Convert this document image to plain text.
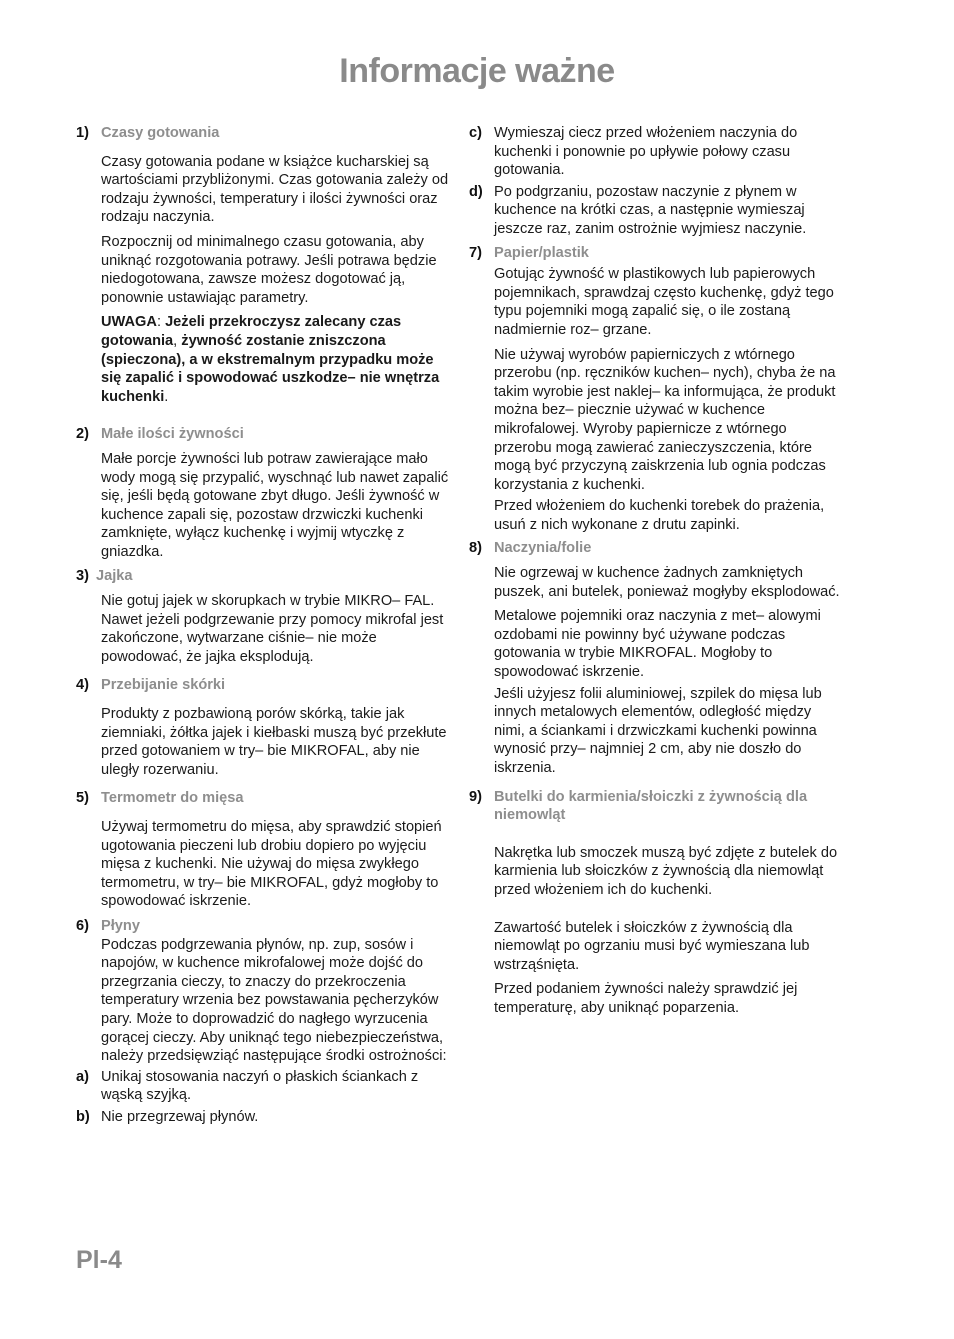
Informacje ważne
1) Czasy gotowania
Czasy gotowania podane w książce kucharskiej są wartościami przybliżonymi. Czas gotowania zależy od rodzaju żywności, temperatury i ilości żywności oraz rodzaju naczynia.
Rozpocznij od minimalnego czasu gotowania, aby uniknąć rozgotowania potrawy. Jeśli potrawa będzie niedogotowana, zawsze możesz dogotować ją, ponownie ustawiając parametry.
UWAGA: Jeżeli przekroczysz zalecany czas gotowania, żywność zostanie zniszczona (spieczona), a w ekstremalnym przypadku może się zapalić i spowodować uszkodze– nie wnętrza kuchenki.
2) Małe ilości żywności
Małe porcje żywności lub potraw zawierające mało wody mogą się przypalić, wyschnąć lub nawet zapalić się, jeśli będą gotowane zbyt długo. Jeśli żywność w kuchence zapali się, pozostaw drzwiczki kuchenki zamknięte, wyłącz kuchenkę i wyjmij wtyczkę z gniazdka.
3) Jajka
Nie gotuj jajek w skorupkach w trybie MIKRO– FAL. Nawet jeżeli podgrzewanie przy pomocy mikrofal jest zakończone, wytwarzane ciśnie– nie może powodować, że jajka eksplodują.
4) Przebijanie skórki
Produkty z pozbawioną porów skórką, takie jak ziemniaki, żółtka jajek i kiełbaski muszą być przekłute przed gotowaniem w try– bie MIKROFAL, aby nie uległy rozerwaniu.
5) Termometr do mięsa
Używaj termometru do mięsa, aby sprawdzić stopień ugotowania pieczeni lub drobiu dopiero po wyjęciu mięsa z kuchenki. Nie używaj do mięsa zwykłego termometru, w try– bie MIKROFAL, gdyż mogłoby to spowodować iskrzenie.
6) Płyny
Podczas podgrzewania płynów, np. zup, sosów i napojów, w kuchence mikrofalowej może dojść do przegrzania cieczy, to znaczy do przekroczenia temperatury wrzenia bez powstawania pęcherzyków pary. Może to doprowadzić do nagłego wyrzucenia gorącej cieczy. Aby uniknąć tego niebezpieczeństwa, należy przedsięwziąć następujące środki ostrożności:
a) Unikaj stosowania naczyń o płaskich ściankach z wąską szyjką.
b) Nie przegrzewaj płynów.
c) Wymieszaj ciecz przed włożeniem naczynia do kuchenki i ponownie po upływie połowy czasu gotowania.
d) Po podgrzaniu, pozostaw naczynie z płynem w kuchence na krótki czas, a następnie wymieszaj jeszcze raz, zanim ostrożnie wyjmiesz naczynie.
7) Papier/plastik
Gotując żywność w plastikowych lub papierowych pojemnikach, sprawdzaj często kuchenkę, gdyż tego typu pojemniki mogą zapalić się, o ile zostaną nadmiernie roz– grzane.
Nie używaj wyrobów papierniczych z wtórnego przerobu (np. ręczników kuchen– nych), chyba że na takim wyrobie jest naklej– ka informująca, że produkt można bez– piecznie używać w kuchence mikrofalowej. Wyroby papiernicze z wtórnego przerobu mogą zawierać zanieczyszczenia, które mogą być przyczyną zaiskrzenia lub ognia podczas korzystania z kuchenki.
Przed włożeniem do kuchenki torebek do prażenia, usuń z nich wykonane z drutu zapinki.
8) Naczynia/folie
Nie ogrzewaj w kuchence żadnych zamkniętych puszek, ani butelek, ponieważ mogłyby eksplodować.
Metalowe pojemniki oraz naczynia z met– alowymi ozdobami nie powinny być używane podczas gotowania w trybie MIKROFAL. Mogłoby to spowodować iskrzenie.
Jeśli użyjesz folii aluminiowej, szpilek do mięsa lub innych metalowych elementów, odległość między nimi, a ściankami i drzwiczkami kuchenki powinna wynosić przy– najmniej 2 cm, aby nie doszło do iskrzenia.
9) Butelki do karmienia/słoiczki z żywnością dla niemowląt
Nakrętka lub smoczek muszą być zdjęte z butelek do karmienia lub słoiczków z żywnością dla niemowląt przed włożeniem ich do kuchenki.
Zawartość butelek i słoiczków z żywnością dla niemowląt po ogrzaniu musi być wymieszana lub wstrząśnięta.
Przed podaniem żywności należy sprawdzić jej temperaturę, aby uniknąć poparzenia.
Pl-4
